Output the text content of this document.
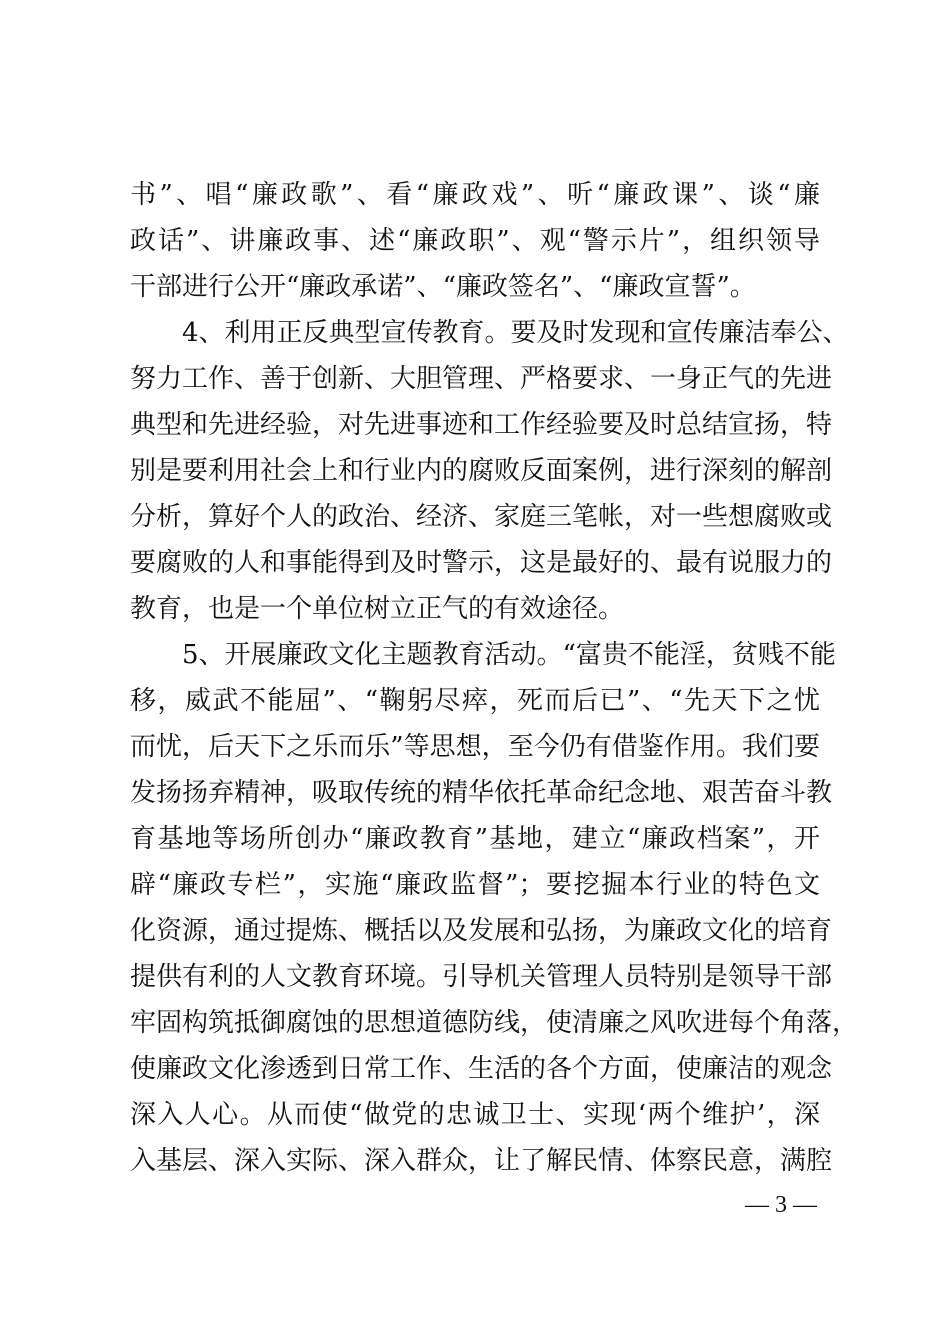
书”、唱“廉政歌”、看“廉政戏”、听“廉政课”、谈“廉
政话”、讲廉政事、述“廉政职”、观“警示片”，组织领导
干部进行公开“廉政承诺”、“廉政签名”、“廉政宣誓”。
4、利用正反典型宣传教育。要及时发现和宣传廉洁奉公、
努力工作、善于创新、大胆管理、严格要求、一身正气的先进
典型和先进经验，对先进事迹和工作经验要及时总结宣扬，特
别是要利用社会上和行业内的腐败反面案例，进行深刻的解剖
分析，算好个人的政治、经济、家庭三笔帐，对一些想腐败或
要腐败的人和事能得到及时警示，这是最好的、最有说服力的
教育，也是一个单位树立正气的有效途径。
5、开展廉政文化主题教育活动。“富贵不能淫，贫贱不能
移，威武不能屈”、“鞠躬尽瘁，死而后已”、“先天下之忧
而忧，后天下之乐而乐”等思想，至今仍有借鉴作用。我们要
发扬扬弃精神，吸取传统的精华依托革命纪念地、艰苦奋斗教
育基地等场所创办“廉政教育”基地，建立“廉政档案”，开
辟“廉政专栏”，实施“廉政监督”；要挖掘本行业的特色文
化资源，通过提炼、概括以及发展和弘扬，为廉政文化的培育
提供有利的人文教育环境。引导机关管理人员特别是领导干部
牢固构筑抵御腐蚀的思想道德防线，使清廉之风吹进每个角落，
使廉政文化渗透到日常工作、生活的各个方面，使廉洁的观念
深入人心。从而使“做党的忠诚卫士、实现‘两个维护’，深
入基层、深入实际、深入群众，让了解民情、体察民意，满腔
— 3 —
